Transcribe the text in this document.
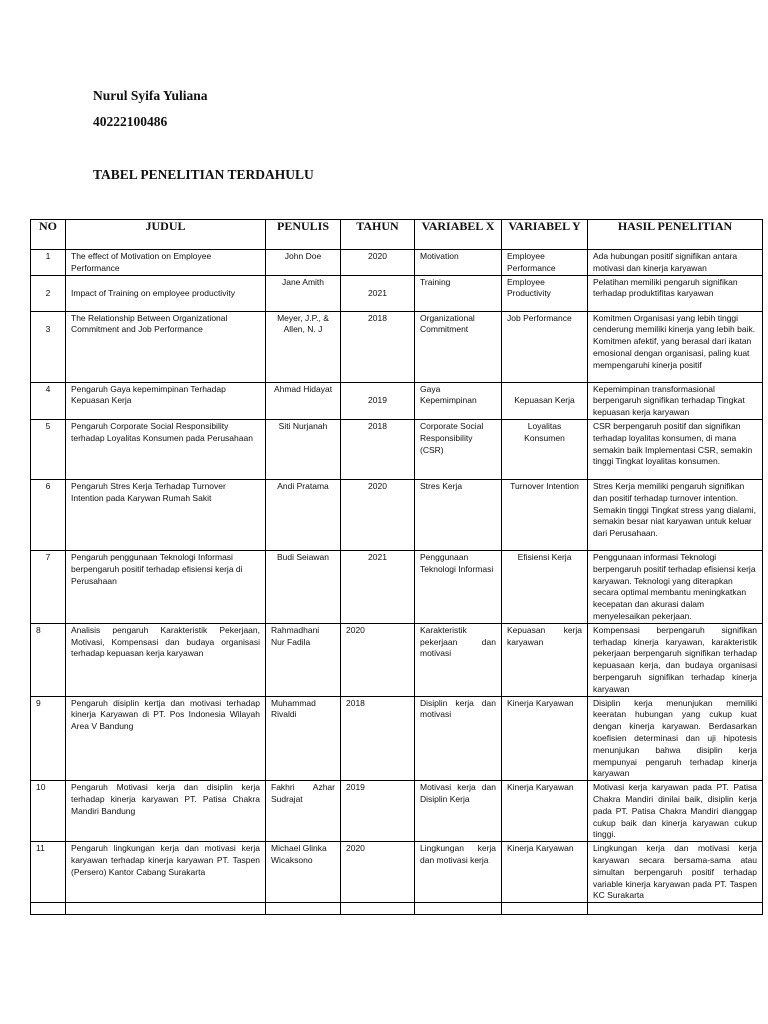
Nurul Syifa Yuliana
40222100486
TABEL PENELITIAN TERDAHULU
NO	JUDUL	PENULIS	TAHUN	VARIABEL X	VARIABEL Y	HASIL PENELITIAN
1	The effect of Motivation on Employee Performance	John Doe	2020	Motivation	Employee Performance	Ada hubungan positif signifikan antara motivasi dan kinerja karyawan
2	Impact of Training on employee productivity	Jane Amith	2021	Training	Employee Productivity	Pelatihan memiliki pengaruh signifikan terhadap produktifitas karyawan
3	The Relationship Between Organizational Commitment and Job Performance	Meyer, J.P., & Allen, N. J	2018	Organizational Commitment	Job Performance	Komitmen Organisasi yang lebih tinggi cenderung memiliki kinerja yang lebih baik. Komitmen afektif, yang berasal dari ikatan emosional dengan organisasi, paling kuat mempengaruhi kinerja positif
4	Pengaruh Gaya kepemimpinan Terhadap Kepuasan Kerja	Ahmad Hidayat	2019	Gaya Kepemimpinan	Kepuasan Kerja	Kepemimpinan transformasional berpengaruh signifikan terhadap Tingkat kepuasan kerja karyawan
5	Pengaruh Corporate Social Responsibility terhadap Loyalitas Konsumen pada Perusahaan	Siti Nurjanah	2018	Corporate Social Responsibility (CSR)	Loyalitas Konsumen	CSR berpengaruh positif dan signifikan terhadap loyalitas konsumen, di mana semakin baik Implementasi CSR, semakin tinggi Tingkat loyalitas konsumen.
6	Pengaruh Stres Kerja Terhadap Turnover Intention pada Karywan Rumah Sakit	Andi Pratama	2020	Stres Kerja	Turnover Intention	Stres Kerja memiliki pengaruh signifikan dan positif terhadap turnover intention. Semakin tinggi Tingkat stress yang dialami, semakin besar niat karyawan untuk keluar dari Perusahaan.
7	Pengaruh penggunaan Teknologi Informasi berpengaruh positif terhadap efisiensi kerja di Perusahaan	Budi Seiawan	2021	Penggunaan Teknologi Informasi	Efisiensi Kerja	Penggunaan informasi Teknologi berpengaruh positif terhadap efisiensi kerja karyawan. Teknologi yang diterapkan secara optimal membantu meningkatkan kecepatan dan akurasi dalam menyelesaikan pekerjaan.
8	Analisis pengaruh Karakteristik Pekerjaan, Motivasi, Kompensasi dan budaya organisasi terhadap kepuasan kerja karyawan	Rahmadhani Nur Fadila	2020	Karakteristik pekerjaan dan motivasi	Kepuasan kerja karyawan	Kompensasi berpengaruh signifikan terhadap kinerja karyawan, karakteristik pekerjaan berpengaruh signifikan terhadap kepuasaan kerja, dan budaya organisasi berpengaruh signifikan terhadap kinerja karyawan
9	Pengaruh disiplin kertja dan motivasi terhadap kinerja Karyawan di PT. Pos Indonesia Wilayah Area V Bandung	Muhammad Rivaldi	2018	Disiplin kerja dan motivasi	Kinerja Karyawan	Disiplin kerja menunjukan memiliki keeratan hubungan yang cukup kuat dengan kinerja karyawan. Berdasarkan koefisien determinasi dan uji hipotesis menunjukan bahwa disiplin kerja mempunyai pengaruh terhadap kinerja karyawan
10	Pengaruh Motivasi kerja dan disiplin kerja terhadap kinerja karyawan PT. Patisa Chakra Mandiri Bandung	Fakhri Azhar Sudrajat	2019	Motivasi kerja dan Disiplin Kerja	Kinerja Karyawan	Motivasi kerja karyawan pada PT. Patisa Chakra Mandiri dinilai baik, disiplin kerja pada PT. Patisa Chakra Mandiri dianggap cukup baik dan kinerja karyawan cukup tinggi.
11	Pengaruh lingkungan kerja dan motivasi kerja karyawan terhadap kinerja karyawan PT. Taspen (Persero) Kantor Cabang Surakarta	Michael Glinka Wicaksono	2020	Lingkungan kerja dan motivasi kerja	Kinerja Karyawan	Lingkungan kerja dan motivasi kerja karyawan secara bersama-sama atau simultan berpengaruh positif terhadap variable kinerja karyawan pada PT. Taspen KC Surakarta
